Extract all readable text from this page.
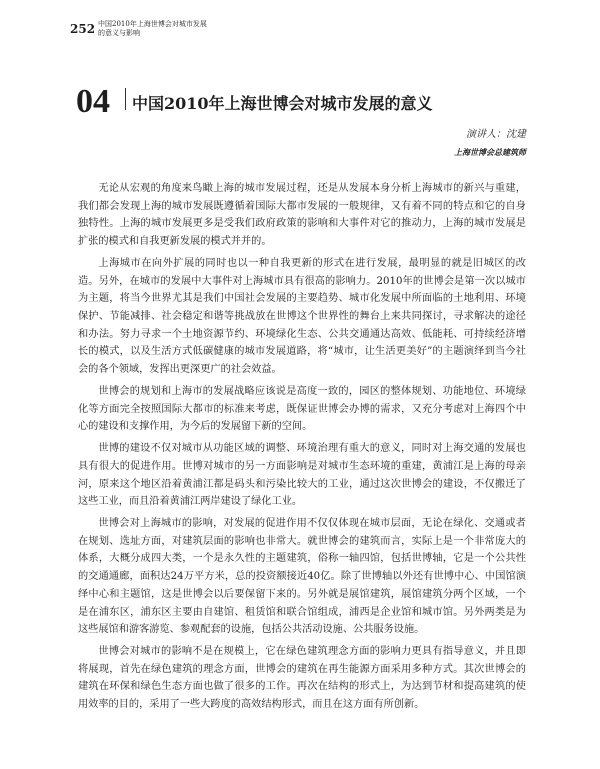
252 中国2010年上海世博会对城市发展
的意义与影响
04 中国2010年上海世博会对城市发展的意义
演讲人：沈建
上海世博会总建筑师

无论从宏观的角度来鸟瞰上海的城市发展过程，还是从发展本身分析上海城市的新兴与重建，我们都会发现上海的城市发展既遵循着国际大都市发展的一般规律，又有着不同的特点和它的自身独特性。上海的城市发展更多是受我们政府政策的影响和大事件对它的推动力，上海的城市发展是扩张的模式和自我更新发展的模式并并的。

上海城市在向外扩展的同时也以一种自我更新的形式在进行发展，最明显的就是旧城区的改造。另外，在城市的发展中大事件对上海城市具有很高的影响力。2010年的世博会是第一次以城市为主题，将当今世界尤其是我们中国社会发展的主要趋势、城市化发展中所面临的土地利用、环境保护、节能减排、社会稳定和谐等挑战放在世博这个世界性的舞台上来共同探讨，寻求解决的途径和办法。努力寻求一个土地资源节约、环境绿化生态、公共交通通达高效、低能耗、可持续经济增长的模式，以及生活方式低碳健康的城市发展道路，将“城市，让生活更美好”的主题演绎到当今社会的各个领域，发挥出更深更广的社会效益。

世博会的规划和上海市的发展战略应该说是高度一致的，园区的整体规划、功能地位、环境绿化等方面完全按照国际大都市的标准来考虑，既保证世博会办博的需求，又充分考虑对上海四个中心的建设和支撑作用，为今后的发展留下新的空间。

世博的建设不仅对城市从功能区域的调整、环境治理有重大的意义，同时对上海交通的发展也具有很大的促进作用。世博对城市的另一方面影响是对城市生态环境的重建，黄浦江是上海的母亲河，原来这个地区沿着黄浦江都是码头和污染比较大的工业，通过这次世博会的建设，不仅搬迁了这些工业，而且沿着黄浦江两岸建设了绿化工业。

世博会对上海城市的影响，对发展的促进作用不仅仅体现在城市层面，无论在绿化、交通或者在规划、选址方面，对建筑层面的影响也非常大。就世博会的建筑而言，实际上是一个非常庞大的体系，大概分成四大类，一个是永久性的主题建筑，俗称一轴四馆，包括世博轴，它是一个公共性的交通通廊，面积达24万平方米，总的投资额接近40亿。除了世博轴以外还有世博中心、中国馆演绎中心和主题馆，这是世博会以后要保留下来的。另外就是展馆建筑，展馆建筑分两个区域，一个是在浦东区，浦东区主要由自建馆、租赁馆和联合馆组成，浦西是企业馆和城市馆。另外两类是为这些展馆和游客游览、参观配套的设施，包括公共活动设施、公共服务设施。

世博会对城市的影响不是在规模上，它在绿色建筑理念方面的影响力更具有指导意义，并且即将展现，首先在绿色建筑的理念方面，世博会的建筑在再生能源方面采用多种方式。其次世博会的建筑在环保和绿色生态方面也做了很多的工作。再次在结构的形式上，为达到节材和提高建筑的使用效率的目的，采用了一些大跨度的高效结构形式，而且在这方面有所创新。
